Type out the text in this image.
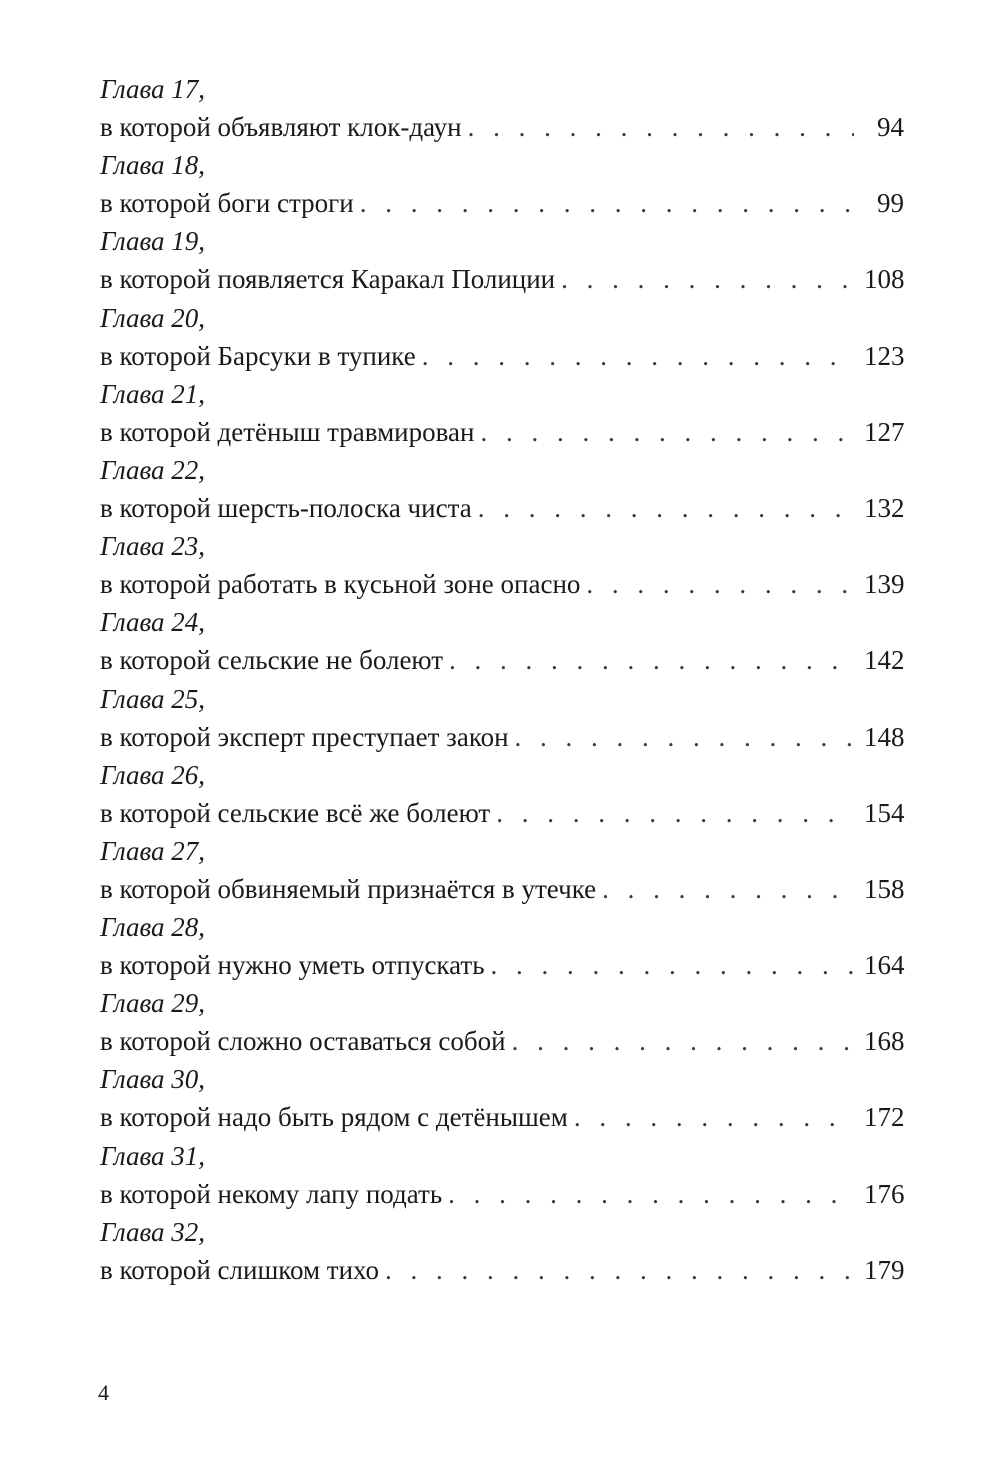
Глава 17,
в которой объявляют клок-даун . . .	94
Глава 18,
в которой боги строги . . .	99
Глава 19,
в которой появляется Каракал Полиции . . .	108
Глава 20,
в которой Барсуки в тупике . . .	123
Глава 21,
в которой детёныш травмирован . . .	127
Глава 22,
в которой шерсть-полоска чиста . . .	132
Глава 23,
в которой работать в кусьной зоне опасно . . .	139
Глава 24,
в которой сельские не болеют . . .	142
Глава 25,
в которой эксперт преступает закон . . .	148
Глава 26,
в которой сельские всё же болеют . . .	154
Глава 27,
в которой обвиняемый признаётся в утечке . . .	158
Глава 28,
в которой нужно уметь отпускать . . .	164
Глава 29,
в которой сложно оставаться собой . . .	168
Глава 30,
в которой надо быть рядом с детёнышем . . .	172
Глава 31,
в которой некому лапу подать . . .	176
Глава 32,
в которой слишком тихо . . .	179
4
